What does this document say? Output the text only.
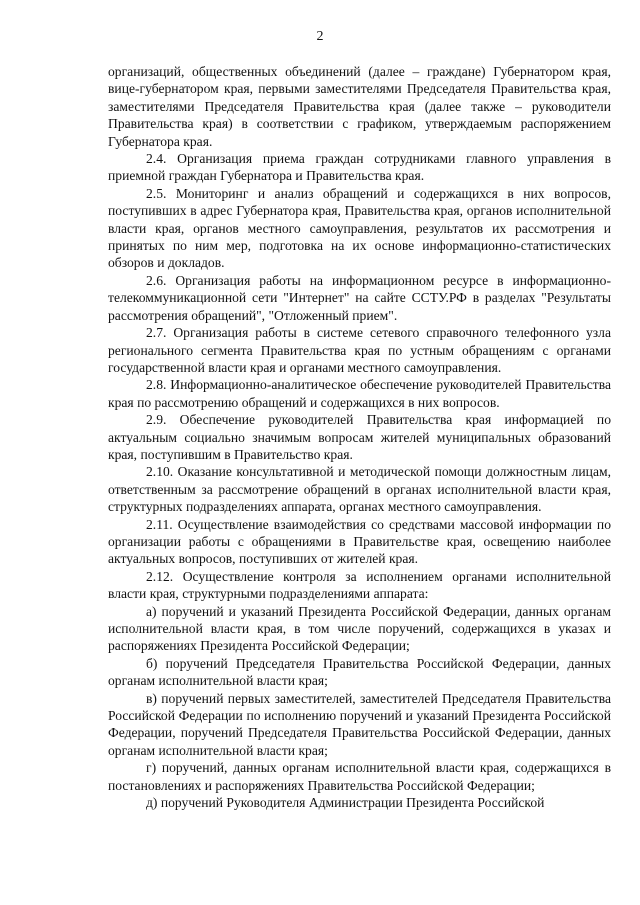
2

организаций, общественных объединений (далее – граждане) Губернатором края, вице-губернатором края, первыми заместителями Председателя Правительства края, заместителями Председателя Правительства края (далее также – руководители Правительства края) в соответствии с графиком, утверждаемым распоряжением Губернатора края.

2.4. Организация приема граждан сотрудниками главного управления в приемной граждан Губернатора и Правительства края.

2.5. Мониторинг и анализ обращений и содержащихся в них вопросов, поступивших в адрес Губернатора края, Правительства края, органов исполнительной власти края, органов местного самоуправления, результатов их рассмотрения и принятых по ним мер, подготовка на их основе информационно-статистических обзоров и докладов.

2.6. Организация работы на информационном ресурсе в информационно-телекоммуникационной сети "Интернет" на сайте ССТУ.РФ в разделах "Результаты рассмотрения обращений", "Отложенный прием".

2.7. Организация работы в системе сетевого справочного телефонного узла регионального сегмента Правительства края по устным обращениям с органами государственной власти края и органами местного самоуправления.

2.8. Информационно-аналитическое обеспечение руководителей Правительства края по рассмотрению обращений и содержащихся в них вопросов.

2.9. Обеспечение руководителей Правительства края информацией по актуальным социально значимым вопросам жителей муниципальных образований края, поступившим в Правительство края.

2.10. Оказание консультативной и методической помощи должностным лицам, ответственным за рассмотрение обращений в органах исполнительной власти края, структурных подразделениях аппарата, органах местного самоуправления.

2.11. Осуществление взаимодействия со средствами массовой информации по организации работы с обращениями в Правительстве края, освещению наиболее актуальных вопросов, поступивших от жителей края.

2.12. Осуществление контроля за исполнением органами исполнительной власти края, структурными подразделениями аппарата:

а) поручений и указаний Президента Российской Федерации, данных органам исполнительной власти края, в том числе поручений, содержащихся в указах и распоряжениях Президента Российской Федерации;

б) поручений Председателя Правительства Российской Федерации, данных органам исполнительной власти края;

в) поручений первых заместителей, заместителей Председателя Правительства Российской Федерации по исполнению поручений и указаний Президента Российской Федерации, поручений Председателя Правительства Российской Федерации, данных органам исполнительной власти края;

г) поручений, данных органам исполнительной власти края, содержащихся в постановлениях и распоряжениях Правительства Российской Федерации;

д) поручений Руководителя Администрации Президента Российской
